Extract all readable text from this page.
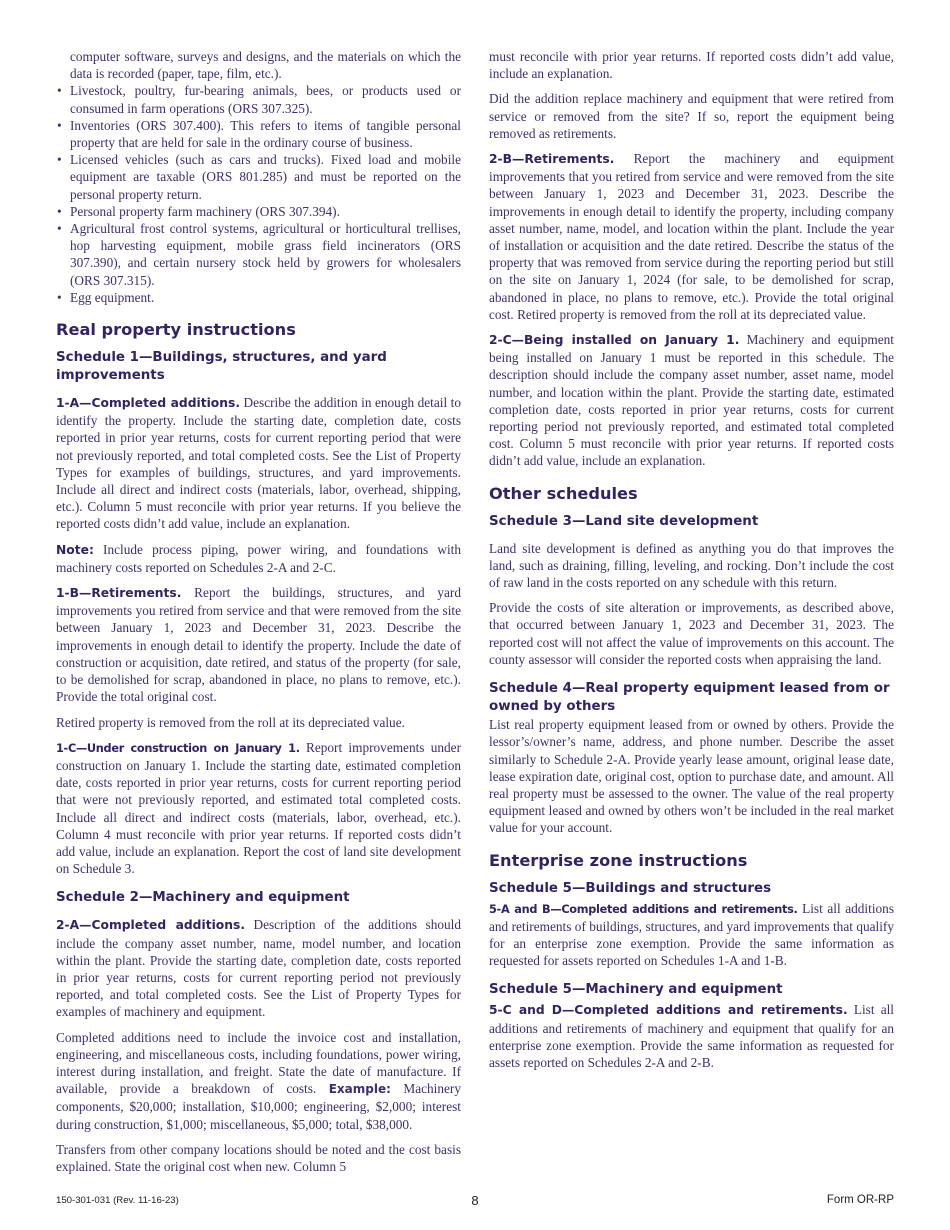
computer software, surveys and designs, and the materials on which the data is recorded (paper, tape, film, etc.).

• Livestock, poultry, fur-bearing animals, bees, or products used or consumed in farm operations (ORS 307.325).
• Inventories (ORS 307.400). This refers to items of tangible personal property that are held for sale in the ordinary course of business.
• Licensed vehicles (such as cars and trucks). Fixed load and mobile equipment are taxable (ORS 801.285) and must be reported on the personal property return.
• Personal property farm machinery (ORS 307.394).
• Agricultural frost control systems, agricultural or horticultural trellises, hop harvesting equipment, mobile grass field incinerators (ORS 307.390), and certain nursery stock held by growers for wholesalers (ORS 307.315).
• Egg equipment.
Real property instructions
Schedule 1—Buildings, structures, and yard improvements

1-A—Completed additions. Describe the addition in enough detail to identify the property. Include the starting date, completion date, costs reported in prior year returns, costs for current reporting period that were not previously reported, and total completed costs. See the List of Property Types for examples of buildings, structures, and yard improvements. Include all direct and indirect costs (materials, labor, overhead, shipping, etc.). Column 5 must reconcile with prior year returns. If you believe the reported costs didn’t add value, include an explanation.

Note: Include process piping, power wiring, and foundations with machinery costs reported on Schedules 2-A and 2-C.

1-B—Retirements. Report the buildings, structures, and yard improvements you retired from service and that were removed from the site between January 1, 2023 and December 31, 2023. Describe the improvements in enough detail to identify the property. Include the date of construction or acquisition, date retired, and status of the property (for sale, to be demolished for scrap, abandoned in place, no plans to remove, etc.). Provide the total original cost.

Retired property is removed from the roll at its depreciated value.

1-C—Under construction on January 1. Report improvements under construction on January 1. Include the starting date, estimated completion date, costs reported in prior year returns, costs for current reporting period that were not previously reported, and estimated total completed costs. Include all direct and indirect costs (materials, labor, overhead, etc.). Column 4 must reconcile with prior year returns. If reported costs didn’t add value, include an explanation. Report the cost of land site development on Schedule 3.

Schedule 2—Machinery and equipment

2-A—Completed additions. Description of the additions should include the company asset number, name, model number, and location within the plant. Provide the starting date, completion date, costs reported in prior year returns, costs for current reporting period not previously reported, and total completed costs. See the List of Property Types for examples of machinery and equipment.

Completed additions need to include the invoice cost and installation, engineering, and miscellaneous costs, including foundations, power wiring, interest during installation, and freight. State the date of manufacture. If available, provide a breakdown of costs. Example: Machinery components, $20,000; installation, $10,000; engineering, $2,000; interest during construction, $1,000; miscellaneous, $5,000; total, $38,000.

Transfers from other company locations should be noted and the cost basis explained. State the original cost when new. Column 5

must reconcile with prior year returns. If reported costs didn’t add value, include an explanation.

Did the addition replace machinery and equipment that were retired from service or removed from the site? If so, report the equipment being removed as retirements.

2-B—Retirements. Report the machinery and equipment improvements that you retired from service and were removed from the site between January 1, 2023 and December 31, 2023. Describe the improvements in enough detail to identify the property, including company asset number, name, model, and location within the plant. Include the year of installation or acquisition and the date retired. Describe the status of the property that was removed from service during the reporting period but still on the site on January 1, 2024 (for sale, to be demolished for scrap, abandoned in place, no plans to remove, etc.). Provide the total original cost. Retired property is removed from the roll at its depreciated value.

2-C—Being installed on January 1. Machinery and equipment being installed on January 1 must be reported in this schedule. The description should include the company asset number, asset name, model number, and location within the plant. Provide the starting date, estimated completion date, costs reported in prior year returns, costs for current reporting period not previously reported, and estimated total completed cost. Column 5 must reconcile with prior year returns. If reported costs didn’t add value, include an explanation.

Other schedules
Schedule 3—Land site development

Land site development is defined as anything you do that improves the land, such as draining, filling, leveling, and rocking. Don’t include the cost of raw land in the costs reported on any schedule with this return.

Provide the costs of site alteration or improvements, as described above, that occurred between January 1, 2023 and December 31, 2023. The reported cost will not affect the value of improvements on this account. The county assessor will consider the reported costs when appraising the land.

Schedule 4—Real property equipment leased from or owned by others

List real property equipment leased from or owned by others. Provide the lessor’s/owner’s name, address, and phone number. Describe the asset similarly to Schedule 2-A. Provide yearly lease amount, original lease date, lease expiration date, original cost, option to purchase date, and amount. All real property must be assessed to the owner. The value of the real property equipment leased and owned by others won’t be included in the real market value for your account.

Enterprise zone instructions
Schedule 5—Buildings and structures

5-A and B—Completed additions and retirements. List all additions and retirements of buildings, structures, and yard improvements that qualify for an enterprise zone exemption. Provide the same information as requested for assets reported on Schedules 1-A and 1-B.

Schedule 5—Machinery and equipment

5-C and D—Completed additions and retirements. List all additions and retirements of machinery and equipment that qualify for an enterprise zone exemption. Provide the same information as requested for assets reported on Schedules 2-A and 2-B.

150-301-031 (Rev. 11-16-23)	8	Form OR-RP
